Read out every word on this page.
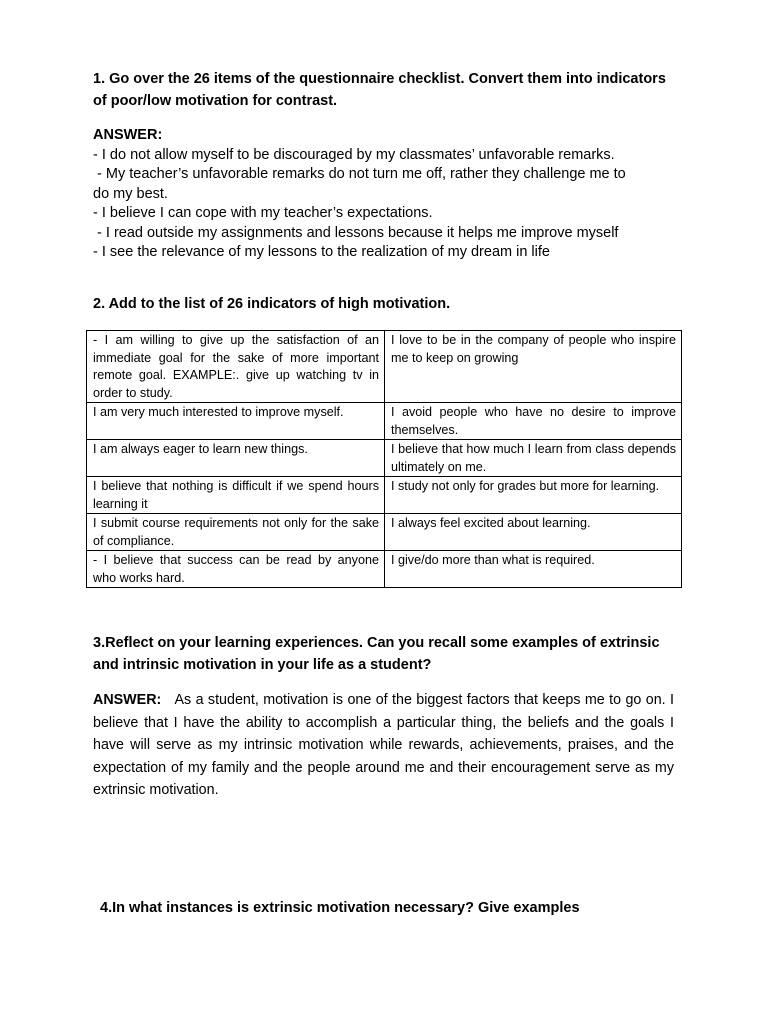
1. Go over the 26 items of the questionnaire checklist. Convert them into indicators
of poor/low motivation for contrast.
ANSWER:
- I do not allow myself to be discouraged by my classmates’ unfavorable remarks.
- My teacher’s unfavorable remarks do not turn me off, rather they challenge me to
do my best.
- I believe I can cope with my teacher’s expectations.
- I read outside my assignments and lessons because it helps me improve myself
- I see the relevance of my lessons to the realization of my dream in life
2. Add to the list of 26 indicators of high motivation.
- I am willing to give up the satisfaction of an immediate goal for the sake of more important remote goal. EXAMPLE:. give up watching tv in order to study.	I love to be in the company of people who inspire me to keep on growing
I am very much interested to improve myself.	I avoid people who have no desire to improve themselves.
I am always eager to learn new things.	I believe that how much I learn from class depends ultimately on me.
I believe that nothing is difficult if we spend hours learning it	I study not only for grades but more for learning.
I submit course requirements not only for the sake of compliance.	I always feel excited about learning.
- I believe that success can be read by anyone who works hard.	I give/do more than what is required.
3.Reflect on your learning experiences. Can you recall some examples of extrinsic
and intrinsic motivation in your life as a student?
ANSWER: As a student, motivation is one of the biggest factors that keeps me to go on. I believe that I have the ability to accomplish a particular thing, the beliefs and the goals I have will serve as my intrinsic motivation while rewards, achievements, praises, and the expectation of my family and the people around me and their encouragement serve as my extrinsic motivation.
4.In what instances is extrinsic motivation necessary? Give examples
